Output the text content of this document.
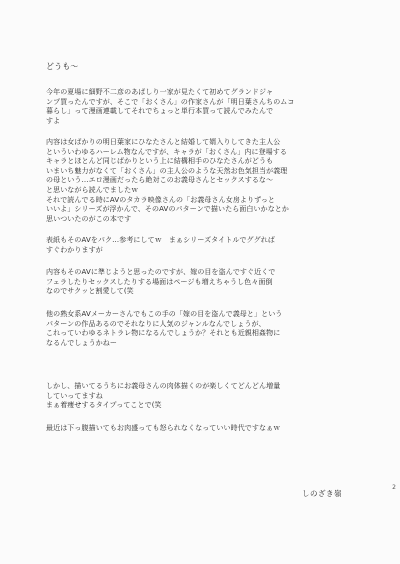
どうも〜
今年の夏場に細野不二彦のあぱしり一家が見たくて初めてグランドジャ
ンプ買ったんですが、そこで「おくさん」の作家さんが「明日葉さんちのムコ
暮らし」って漫画連載してそれでちょっと単行本買って読んでみたんで
すよ
内容は女ばかりの明日葉家にひなたさんと結婚して婿入りしてきた主人公
といういわゆるハーレム物なんですが、キャラが「おくさん」内に登場する
キャラとほとんど同じばかりという上に結構相手のひなたさんがどうも
いまいち魅力がなくて「おくさん」の主人公のような天然お色気担当が義理
の母という…エロ漫画だったら絶対このお義母さんとセックスするな〜
と思いながら読んでましたｗ
それで読んでる時にAVのタカラ映像さんの「お義母さん女房よりずっと
いいよ」シリーズが浮かんで、そのAVのパターンで描いたら面白いかなとか
思いついたのがこの本です
表紙もそのAVをパク…参考にしてｗ　まぁシリーズタイトルでググれば
すぐわかりますが
内容もそのAVに準じようと思ったのですが、嫁の目を盗んですぐ近くで
フェラしたりセックスしたりする場面はページも増えちゃうし色々面倒
なのでサクッと割愛して(笑
他の熟女系AVメーカーさんでもこの手の「嫁の目を盗んで義母と」という
パターンの作品あるのでそれなりに人気のジャンルなんでしょうが、
これっていわゆるネトラレ物になるんでしょうか？それとも近親相姦物に
なるんでしょうかねー
しかし、描いてるうちにお義母さんの肉体描くのが楽しくてどんどん増量
していってますね
まぁ着痩せするタイプってことで(笑
最近は下っ腹描いてもお肉盛っても怒られなくなっていい時代ですなぁｗ
しのざき嶺
2
